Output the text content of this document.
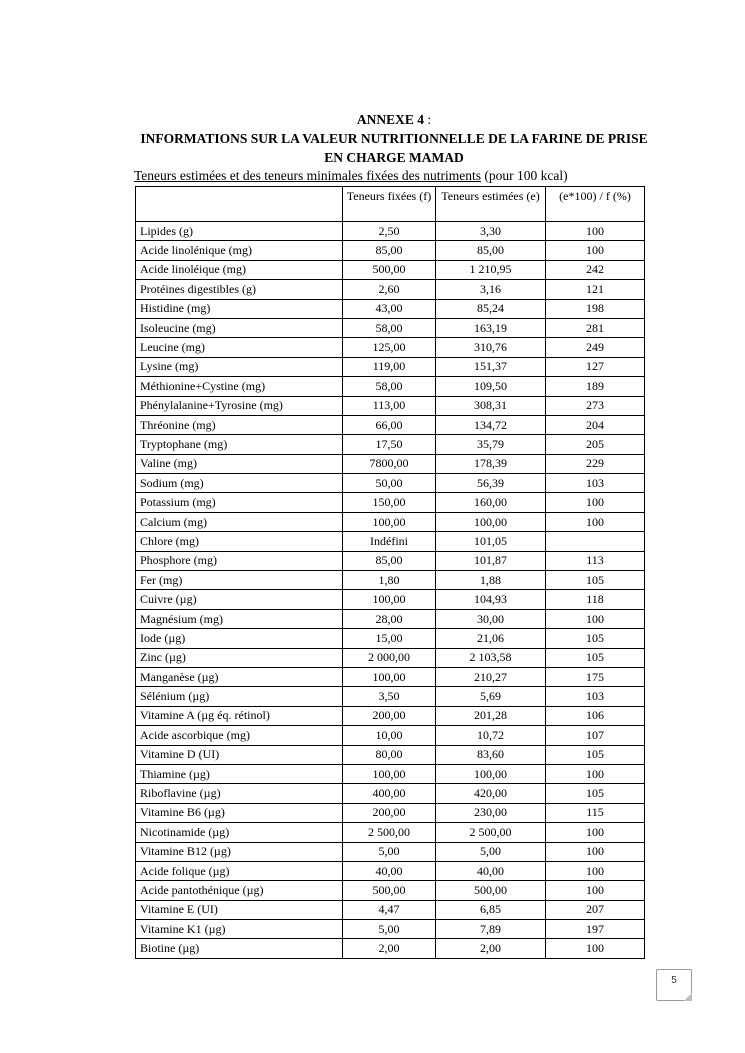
ANNEXE 4 :
INFORMATIONS SUR LA VALEUR NUTRITIONNELLE DE LA FARINE DE PRISE EN CHARGE MAMAD
Teneurs estimées et des teneurs minimales fixées des nutriments (pour 100 kcal)
	Teneurs fixées (f)	Teneurs estimées (e)	(e*100) / f (%)
Lipides (g)	2,50	3,30	100
Acide linolénique (mg)	85,00	85,00	100
Acide linoléique (mg)	500,00	1 210,95	242
Protéines digestibles (g)	2,60	3,16	121
Histidine (mg)	43,00	85,24	198
Isoleucine (mg)	58,00	163,19	281
Leucine (mg)	125,00	310,76	249
Lysine (mg)	119,00	151,37	127
Méthionine+Cystine (mg)	58,00	109,50	189
Phénylalanine+Tyrosine (mg)	113,00	308,31	273
Thréonine (mg)	66,00	134,72	204
Tryptophane (mg)	17,50	35,79	205
Valine (mg)	7800,00	178,39	229
Sodium (mg)	50,00	56,39	103
Potassium (mg)	150,00	160,00	100
Calcium (mg)	100,00	100,00	100
Chlore (mg)	Indéfini	101,05	
Phosphore (mg)	85,00	101,87	113
Fer (mg)	1,80	1,88	105
Cuivre (µg)	100,00	104,93	118
Magnésium (mg)	28,00	30,00	100
Iode (µg)	15,00	21,06	105
Zinc (µg)	2 000,00	2 103,58	105
Manganèse (µg)	100,00	210,27	175
Sélénium (µg)	3,50	5,69	103
Vitamine A (µg éq. rétinol)	200,00	201,28	106
Acide ascorbique (mg)	10,00	10,72	107
Vitamine D (UI)	80,00	83,60	105
Thiamine (µg)	100,00	100,00	100
Riboflavine (µg)	400,00	420,00	105
Vitamine B6 (µg)	200,00	230,00	115
Nicotinamide (µg)	2 500,00	2 500,00	100
Vitamine B12 (µg)	5,00	5,00	100
Acide folique (µg)	40,00	40,00	100
Acide pantothénique (µg)	500,00	500,00	100
Vitamine E (UI)	4,47	6,85	207
Vitamine K1 (µg)	5,00	7,89	197
Biotine (µg)	2,00	2,00	100
5
